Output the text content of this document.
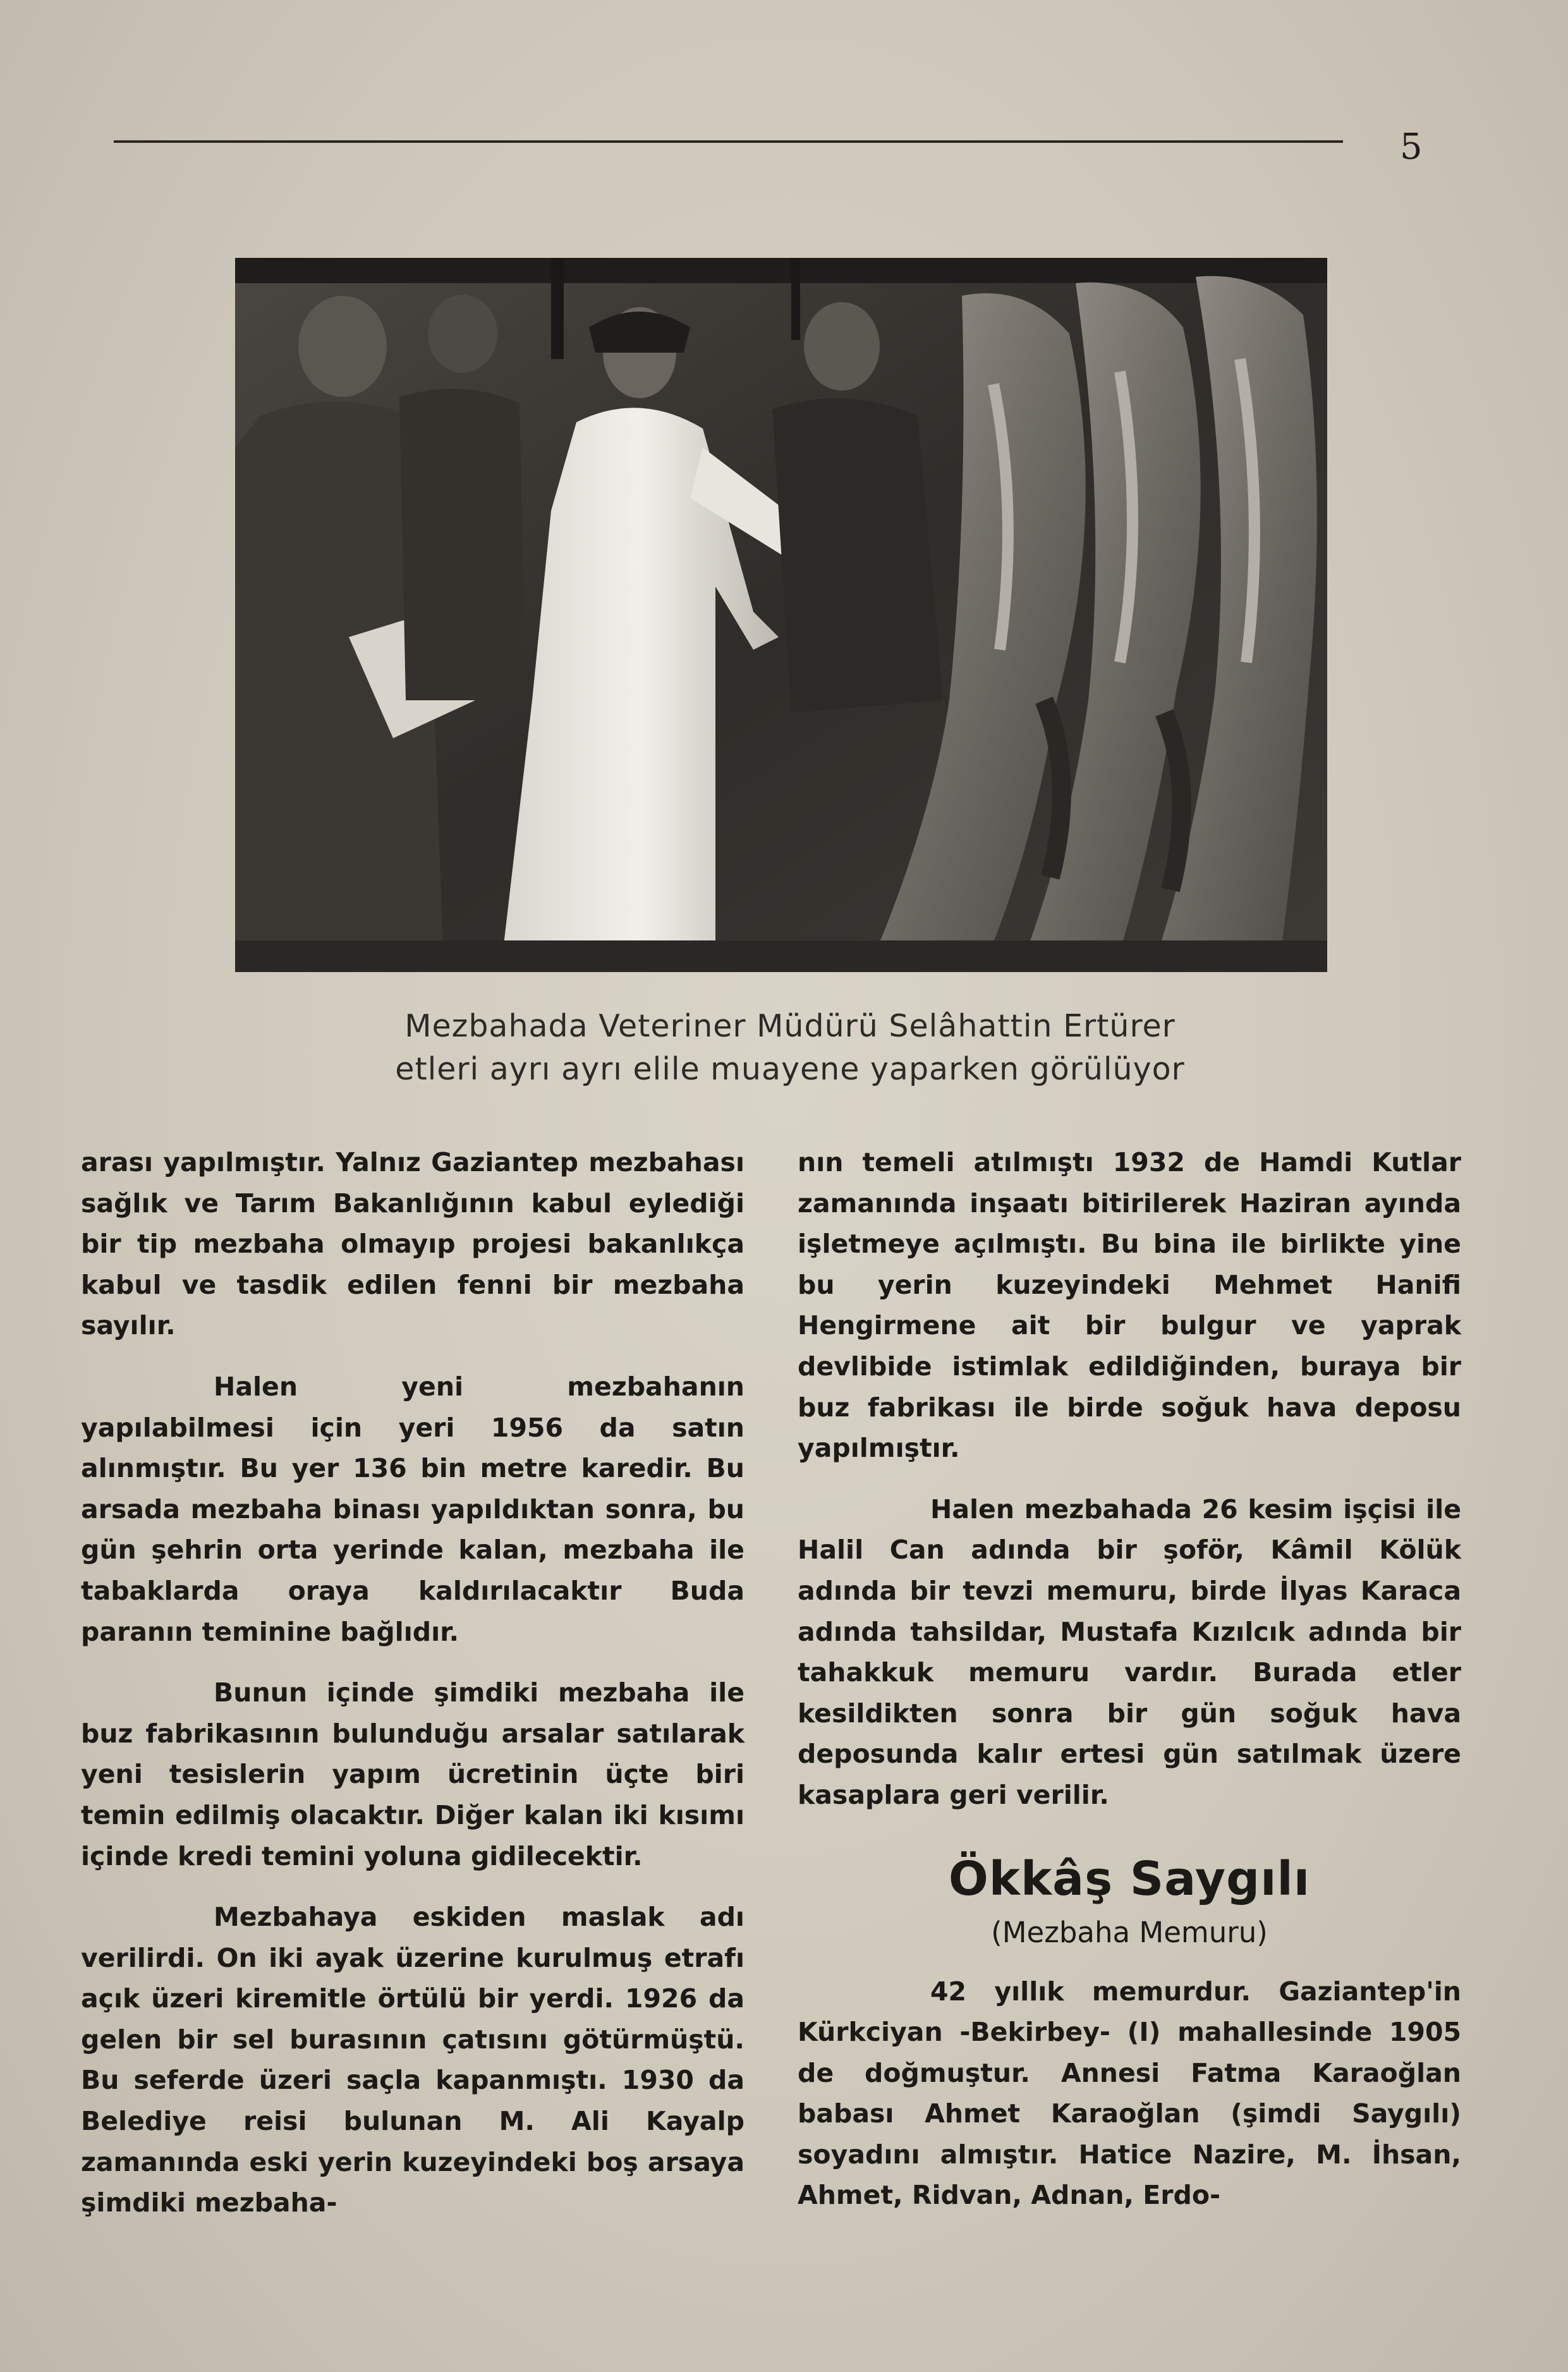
5
Mezbahada Veteriner Müdürü Selâhattin Ertürer
etleri ayrı ayrı elile muayene yaparken görülüyor

arası yapılmıştır. Yalnız Gaziantep mezbahası sağlık ve Tarım Bakanlığının kabul eylediği bir tip mezbaha olmayıp projesi bakanlıkça kabul ve tasdik edilen fenni bir mezbaha sayılır.

Halen yeni mezbahanın yapılabilmesi için yeri 1956 da satın alınmıştır. Bu yer 136 bin metre karedir. Bu arsada mezbaha binası yapıldıktan sonra, bu gün şehrin orta yerinde kalan, mezbaha ile tabaklarda oraya kaldırılacaktır Buda paranın teminine bağlıdır.

Bunun içinde şimdiki mezbaha ile buz fabrikasının bulunduğu arsalar satılarak yeni tesislerin yapım ücretinin üçte biri temin edilmiş olacaktır. Diğer kalan iki kısımı içinde kredi temini yoluna gidilecektir.

Mezbahaya eskiden maslak adı verilirdi. On iki ayak üzerine kurulmuş etrafı açık üzeri kiremitle örtülü bir yerdi. 1926 da gelen bir sel burasının çatısını götürmüştü. Bu seferde üzeri saçla kapanmıştı. 1930 da Belediye reisi bulunan M. Ali Kayalp zamanında eski yerin kuzeyindeki boş arsaya şimdiki mezbaha-

nın temeli atılmıştı 1932 de Hamdi Kutlar zamanında inşaatı bitirilerek Haziran ayında işletmeye açılmıştı. Bu bina ile birlikte yine bu yerin kuzeyindeki Mehmet Hanifi Hengirmene ait bir bulgur ve yaprak devlibide istimlak edildiğinden, buraya bir buz fabrikası ile birde soğuk hava deposu yapılmıştır.

Halen mezbahada 26 kesim işçisi ile Halil Can adında bir şoför, Kâmil Kölük adında bir tevzi memuru, birde İlyas Karaca adında tahsildar, Mustafa Kızılcık adında bir tahakkuk memuru vardır. Burada etler kesildikten sonra bir gün soğuk hava deposunda kalır ertesi gün satılmak üzere kasaplara geri verilir.

Ökkâş Saygılı
(Mezbaha Memuru)

42 yıllık memurdur. Gaziantep'in Kürkciyan -Bekirbey- (I) mahallesinde 1905 de doğmuştur. Annesi Fatma Karaoğlan babası Ahmet Karaoğlan (şimdi Saygılı) soyadını almıştır. Hatice Nazire, M. İhsan, Ahmet, Ridvan, Adnan, Erdo-
